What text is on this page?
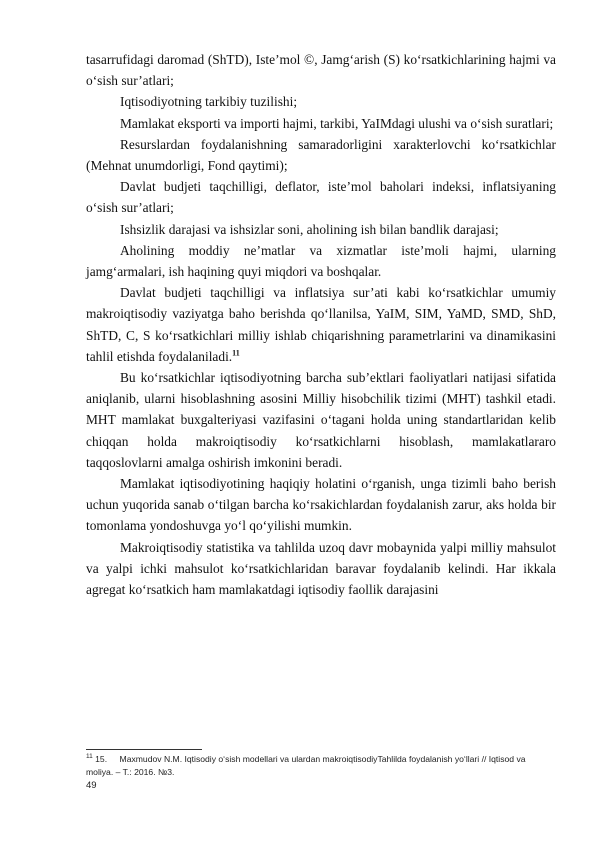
tasarrufidagi daromad (ShTD), Iste’mol ©, Jamg‘arish (S) ko‘rsatkichlarining hajmi va o‘sish sur’atlari;

Iqtisodiyotning tarkibiy tuzilishi;

Mamlakat eksporti va importi hajmi, tarkibi, YaIMdagi ulushi va o‘sish suratlari;

Resurslardan foydalanishning samaradorligini xarakterlovchi ko‘rsatkichlar (Mehnat unumdorligi, Fond qaytimi);

Davlat budjeti taqchilligi, deflator, iste’mol baholari indeksi, inflatsiyaning o‘sish sur’atlari;

Ishsizlik darajasi va ishsizlar soni, aholining ish bilan bandlik darajasi;

Aholining moddiy ne’matlar va xizmatlar iste’moli hajmi, ularning jamg‘armalari, ish haqining quyi miqdori va boshqalar.

Davlat budjeti taqchilligi va inflatsiya sur’ati kabi ko‘rsatkichlar umumiy makroiqtisodiy vaziyatga baho berishda qo‘llanilsa, YaIM, SIM, YaMD, SMD, ShD, ShTD, C, S ko‘rsatkichlari milliy ishlab chiqarishning parametrlarini va dinamikasini tahlil etishda foydalaniladi.$^{11}$

Bu ko‘rsatkichlar iqtisodiyotning barcha sub’ektlari faoliyatlari natijasi sifatida aniqlanib, ularni hisoblashning asosini Milliy hisobchilik tizimi (MHT) tashkil etadi. MHT mamlakat buxgalteriyasi vazifasini o‘tagani holda uning standartlaridan kelib chiqqan holda makroiqtisodiy ko‘rsatkichlarni hisoblash, mamlakatlararo taqqoslovlarni amalga oshirish imkonini beradi.

Mamlakat iqtisodiyotining haqiqiy holatini o‘rganish, unga tizimli baho berish uchun yuqorida sanab o‘tilgan barcha ko‘rsakichlardan foydalanish zarur, aks holda bir tomonlama yondoshuvga yo‘l qo‘yilishi mumkin.

Makroiqtisodiy statistika va tahlilda uzoq davr mobaynida yalpi milliy mahsulot va yalpi ichki mahsulot ko‘rsatkichlaridan baravar foydalanib kelindi. Har ikkala agregat ko‘rsatkich ham mamlakatdagi iqtisodiy faollik darajasini

$^{11}$ 15. Maxmudov N.M. Iqtisodiy o‘sish modellari va ulardan makroiqtisodiyTahlilda foydalanish yo‘llari // Iqtisod va moliya. – T.: 2016. №3.
49
